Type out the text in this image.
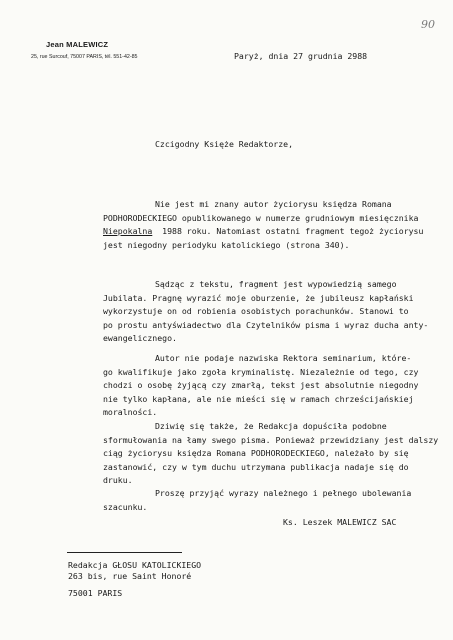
Jean MALEWICZ
25, rue Surcouf, 75007 PARIS, tél. 551-42-85
90
Paryż, dnia 27 grudnia 2988
Czcigodny Księże Redaktorze,
Nie jest mi znany autor życiorysu księdza Romana
PODHORODECKIEGO opublikowanego w numerze grudniowym miesięcznika
Niepokalna  1988 roku. Natomiast ostatni fragment tegoż życiorysu
jest niegodny periodyku katolickiego (strona 340).
Sądząc z tekstu, fragment jest wypowiedzią samego
Jubilata. Pragnę wyrazić moje oburzenie, że jubileusz kapłański
wykorzystuje on od robienia osobistych porachunków. Stanowi to
po prostu antyświadectwo dla Czytelników pisma i wyraz ducha anty-
ewangelicznego.
Autor nie podaje nazwiska Rektora seminarium, które-
go kwalifikuje jako zgoła kryminalistę. Niezależnie od tego, czy
chodzi o osobę żyjącą czy zmarłą, tekst jest absolutnie niegodny
nie tylko kapłana, ale nie mieści się w ramach chrześcijańskiej
moralności.
Dziwię się także, że Redakcja dopuściła podobne
sformułowania na łamy swego pisma. Ponieważ przewidziany jest dalszy
ciąg życiorysu księdza Romana PODHORODECKIEGO, należało by się
zastanowić, czy w tym duchu utrzymana publikacja nadaje się do
druku.
Proszę przyjąć wyrazy należnego i pełnego ubolewania
szacunku.
Ks. Leszek MALEWICZ SAC
Redakcja GŁOSU KATOLICKIEGO
263 bis, rue Saint Honoré
75001 PARIS
